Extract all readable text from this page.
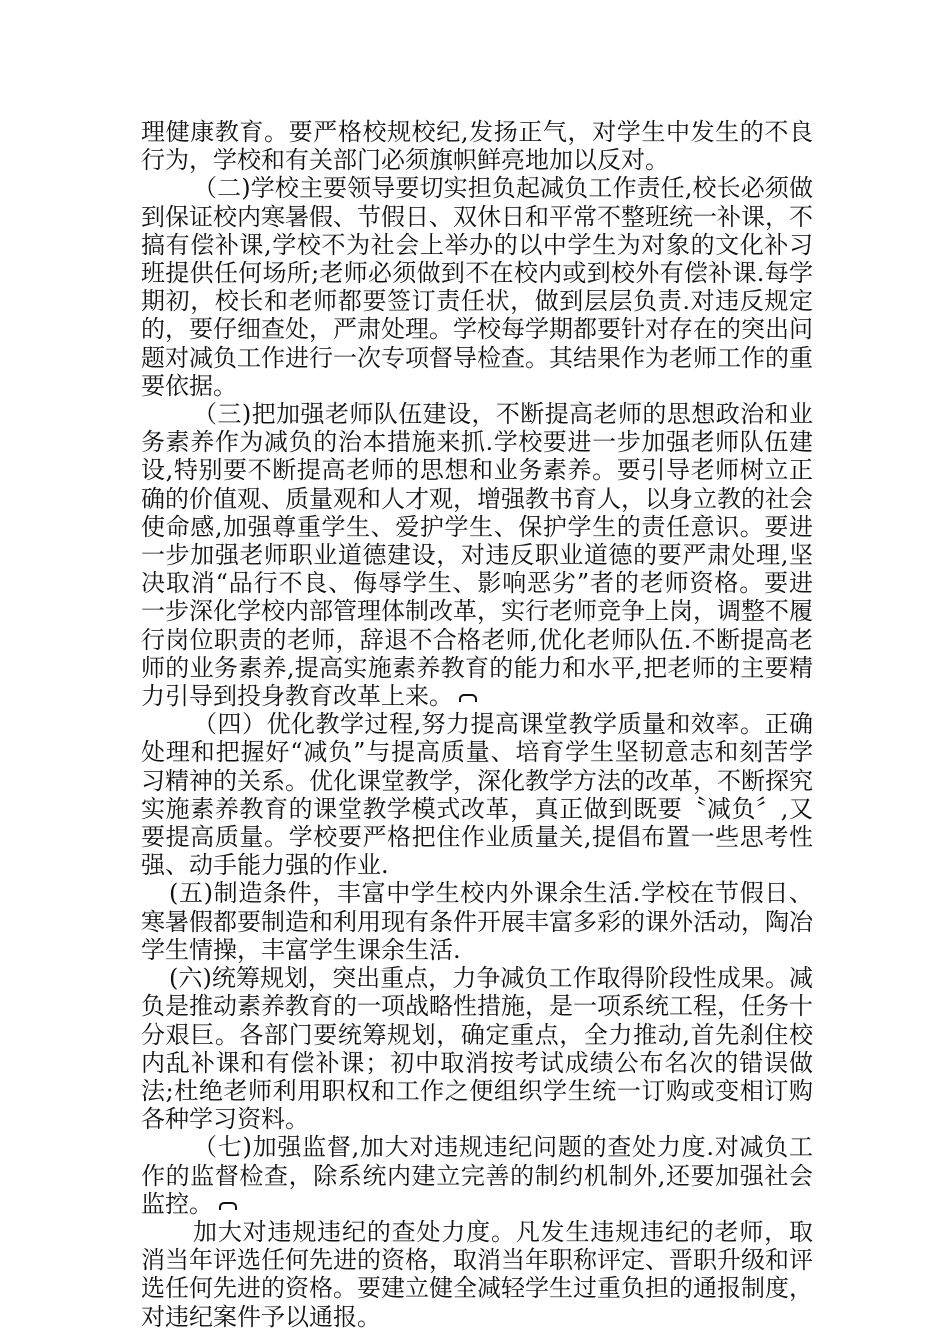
理健康教育。要严格校规校纪,发扬正气，对学生中发生的不良行为，学校和有关部门必须旗帜鲜亮地加以反对。

（二)学校主要领导要切实担负起减负工作责任,校长必须做到保证校内寒暑假、节假日、双休日和平常不整班统一补课，不搞有偿补课,学校不为社会上举办的以中学生为对象的文化补习班提供任何场所;老师必须做到不在校内或到校外有偿补课.每学期初，校长和老师都要签订责任状，做到层层负责.对违反规定的，要仔细查处，严肃处理。学校每学期都要针对存在的突出问题对减负工作进行一次专项督导检查。其结果作为老师工作的重要依据。

（三)把加强老师队伍建设，不断提高老师的思想政治和业务素养作为减负的治本措施来抓.学校要进一步加强老师队伍建设,特别要不断提高老师的思想和业务素养。要引导老师树立正确的价值观、质量观和人才观，增强教书育人，以身立教的社会使命感,加强尊重学生、爱护学生、保护学生的责任意识。要进一步加强老师职业道德建设，对违反职业道德的要严肃处理,坚决取消“品行不良、侮辱学生、影响恶劣”者的老师资格。要进一步深化学校内部管理体制改革，实行老师竞争上岗，调整不履行岗位职责的老师，辞退不合格老师,优化老师队伍.不断提高老师的业务素养,提高实施素养教育的能力和水平,把老师的主要精力引导到投身教育改革上来。

（四）优化教学过程,努力提高课堂教学质量和效率。正确处理和把握好“减负”与提高质量、培育学生坚韧意志和刻苦学习精神的关系。优化课堂教学，深化教学方法的改革，不断探究实施素养教育的课堂教学模式改革，真正做到既要〝减负〞,又要提高质量。学校要严格把住作业质量关,提倡布置一些思考性强、动手能力强的作业.

(五)制造条件，丰富中学生校内外课余生活.学校在节假日、寒暑假都要制造和利用现有条件开展丰富多彩的课外活动，陶冶学生情操，丰富学生课余生活.

(六)统筹规划，突出重点，力争减负工作取得阶段性成果。减负是推动素养教育的一项战略性措施，是一项系统工程，任务十分艰巨。各部门要统筹规划，确定重点，全力推动,首先刹住校内乱补课和有偿补课；初中取消按考试成绩公布名次的错误做法;杜绝老师利用职权和工作之便组织学生统一订购或变相订购各种学习资料。

（七)加强监督,加大对违规违纪问题的查处力度.对减负工作的监督检查，除系统内建立完善的制约机制外,还要加强社会监控。

加大对违规违纪的查处力度。凡发生违规违纪的老师，取消当年评选任何先进的资格，取消当年职称评定、晋职升级和评选任何先进的资格。要建立健全减轻学生过重负担的通报制度，对违纪案件予以通报。
